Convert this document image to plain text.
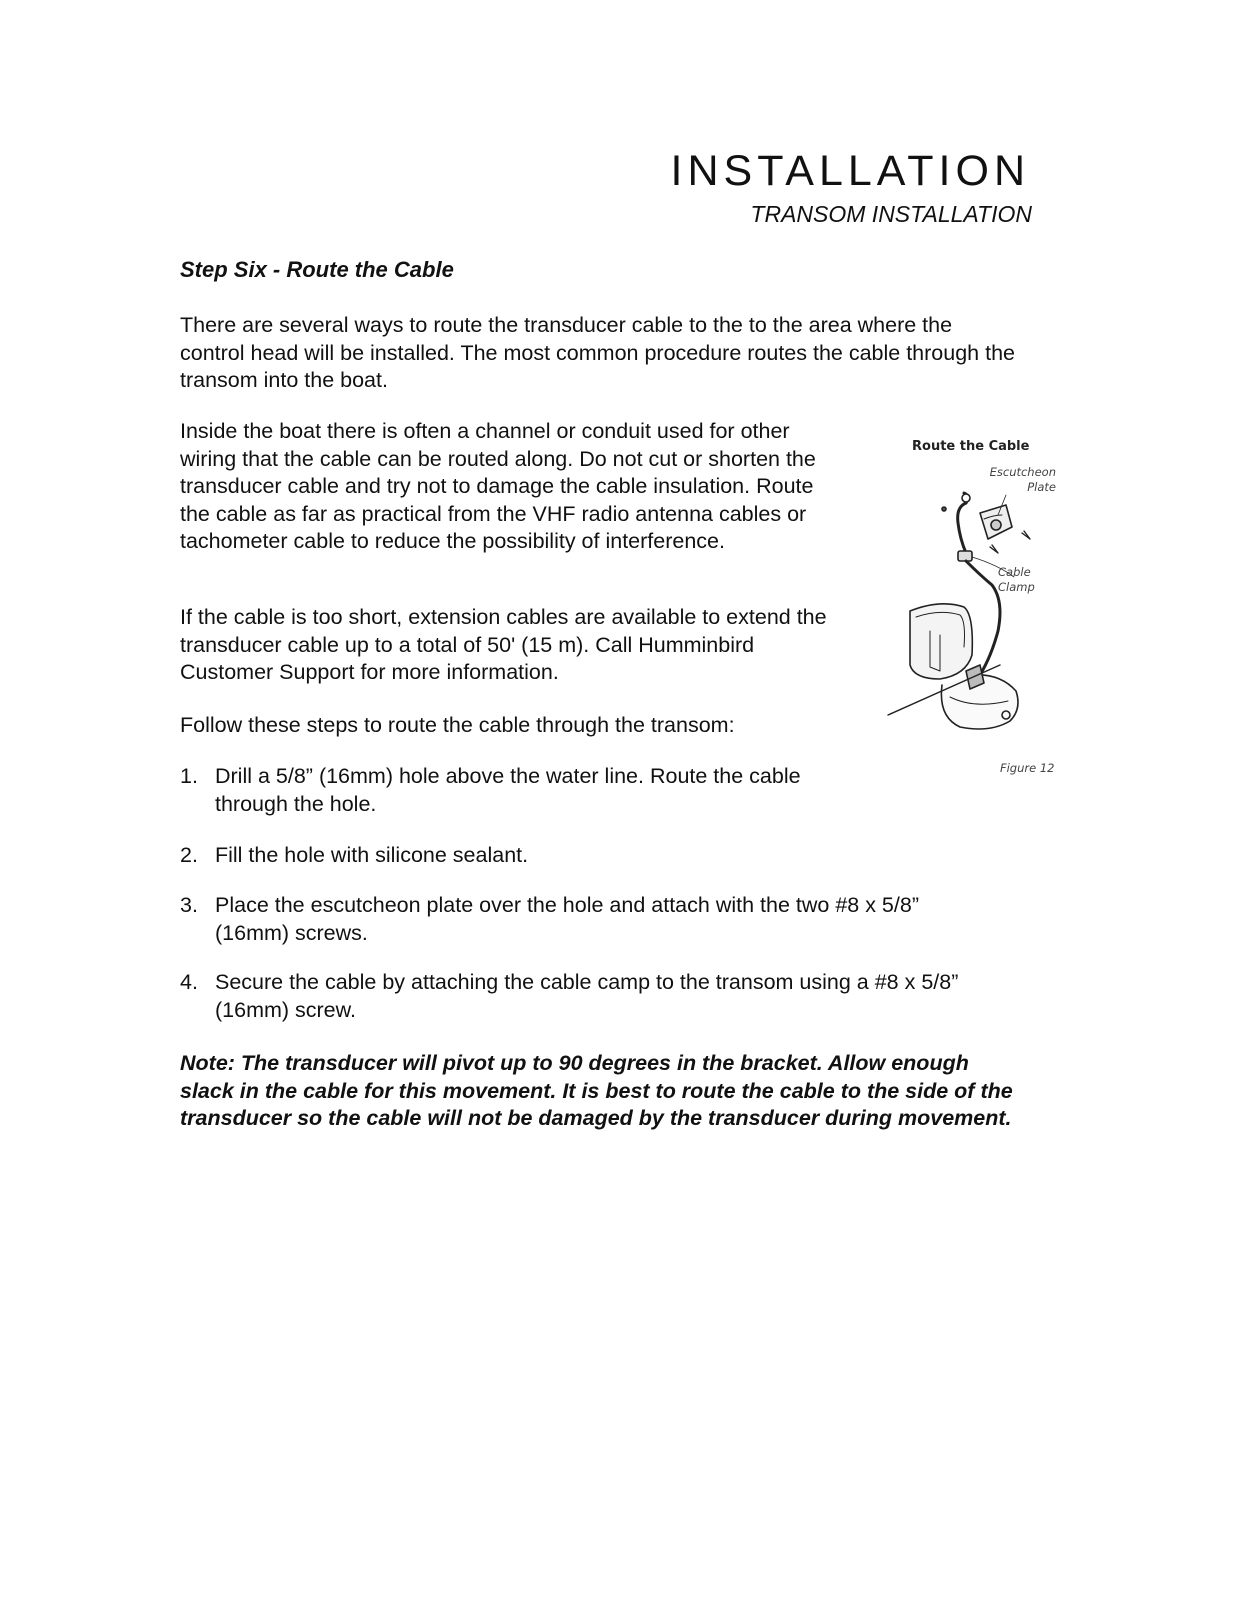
INSTALLATION
TRANSOM INSTALLATION
Step Six - Route the Cable

There are several ways to route the transducer cable to the to the area where the control head will be installed. The most common procedure routes the cable through the transom into the boat.

Inside the boat there is often a channel or conduit used for other wiring that the cable can be routed along. Do not cut or shorten the transducer cable and try not to damage the cable insulation. Route the cable as far as practical from the VHF radio antenna cables or tachometer cable to reduce the possibility of interference.

If the cable is too short, extension cables are available to extend the transducer cable up to a total of 50' (15 m). Call Humminbird Customer Support for more information.

Follow these steps to route the cable through the transom:

1. Drill a 5/8” (16mm) hole above the water line. Route the cable through the hole.
2. Fill the hole with silicone sealant.
3. Place the escutcheon plate over the hole and attach with the two #8 x 5/8” (16mm) screws.
4. Secure the cable by attaching the cable camp to the transom using a #8 x 5/8” (16mm) screw.

Note: The transducer will pivot up to 90 degrees in the bracket. Allow enough slack in the cable for this movement. It is best to route the cable to the side of the transducer so the cable will not be damaged by the transducer during movement.

Route the Cable
Escutcheon Plate
Cable Clamp
Figure 12
